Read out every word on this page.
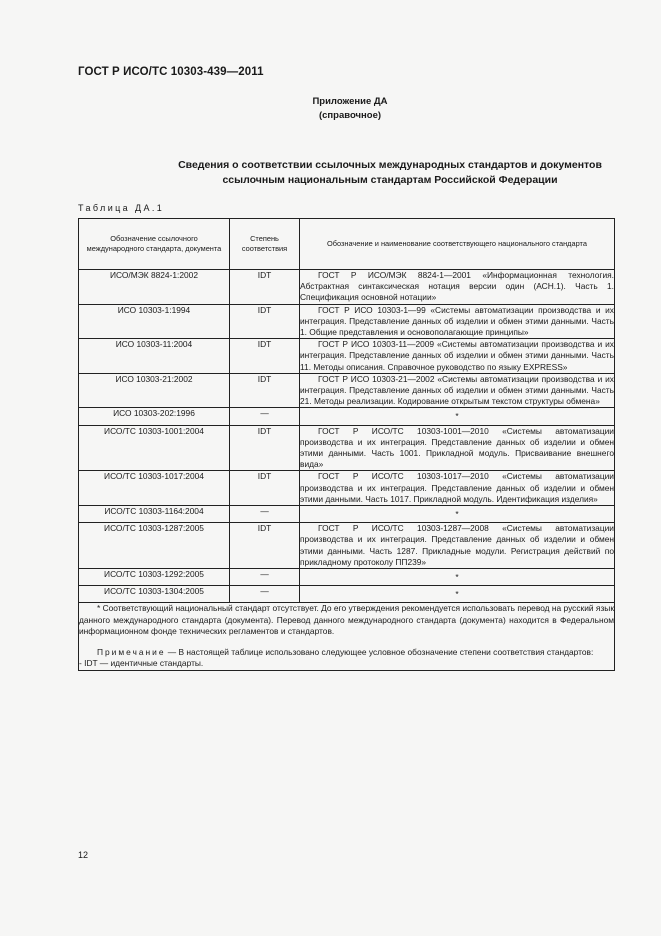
ГОСТ Р ИСО/ТС 10303-439—2011
Приложение ДА
(справочное)
Сведения о соответствии ссылочных международных стандартов и документов
ссылочным национальным стандартам Российской Федерации
Таблица ДА.1
Обозначение ссылочного международного стандарта, документа	Степень соответствия	Обозначение и наименование соответствующего национального стандарта
ИСО/МЭК 8824-1:2002	IDT	ГОСТ Р ИСО/МЭК 8824-1—2001 «Информационная технология. Абстрактная синтаксическая нотация версии один (АСН.1). Часть 1. Спецификация основной нотации»
ИСО 10303-1:1994	IDT	ГОСТ Р ИСО 10303-1—99 «Системы автоматизации производства и их интеграция. Представление данных об изделии и обмен этими данными. Часть 1. Общие представления и основополагающие принципы»
ИСО 10303-11:2004	IDT	ГОСТ Р ИСО 10303-11—2009 «Системы автоматизации производства и их интеграция. Представление данных об изделии и обмен этими данными. Часть 11. Методы описания. Справочное руководство по языку EXPRESS»
ИСО 10303-21:2002	IDT	ГОСТ Р ИСО 10303-21—2002 «Системы автоматизации производства и их интеграция. Представление данных об изделии и обмен этими данными. Часть 21. Методы реализации. Кодирование открытым текстом структуры обмена»
ИСО 10303-202:1996	—	*
ИСО/ТС 10303-1001:2004	IDT	ГОСТ Р ИСО/ТС 10303-1001—2010 «Системы автоматизации производства и их интеграция. Представление данных об изделии и обмен этими данными. Часть 1001. Прикладной модуль. Присваивание внешнего вида»
ИСО/ТС 10303-1017:2004	IDT	ГОСТ Р ИСО/ТС 10303-1017—2010 «Системы автоматизации производства и их интеграция. Представление данных об изделии и обмен этими данными. Часть 1017. Прикладной модуль. Идентификация изделия»
ИСО/ТС 10303-1164:2004	—	*
ИСО/ТС 10303-1287:2005	IDT	ГОСТ Р ИСО/ТС 10303-1287—2008 «Системы автоматизации производства и их интеграция. Представление данных об изделии и обмен этими данными. Часть 1287. Прикладные модули. Регистрация действий по прикладному протоколу ПП239»
ИСО/ТС 10303-1292:2005	—	*
ИСО/ТС 10303-1304:2005	—	*

* Соответствующий национальный стандарт отсутствует. До его утверждения рекомендуется использовать перевод на русский язык данного международного стандарта (документа). Перевод данного международного стандарта (документа) находится в Федеральном информационном фонде технических регламентов и стандартов.

Примечание — В настоящей таблице использовано следующее условное обозначение степени соответствия стандартов:

- IDT — идентичные стандарты.		

12
